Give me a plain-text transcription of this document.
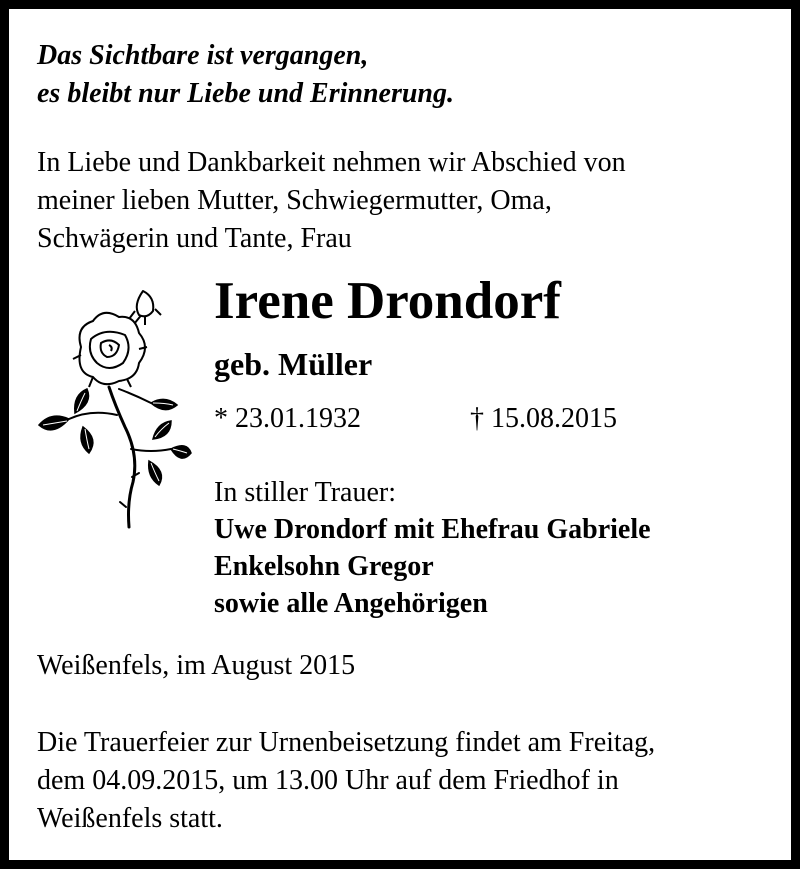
Das Sichtbare ist vergangen,
es bleibt nur Liebe und Erinnerung.
In Liebe und Dankbarkeit nehmen wir Abschied von
meiner lieben Mutter, Schwiegermutter, Oma,
Schwägerin und Tante, Frau
Irene Drondorf
geb. Müller
* 23.01.1932	† 15.08.2015
In stiller Trauer:
Uwe Drondorf mit Ehefrau Gabriele
Enkelsohn Gregor
sowie alle Angehörigen
Weißenfels, im August 2015
Die Trauerfeier zur Urnenbeisetzung findet am Freitag,
dem 04.09.2015, um 13.00 Uhr auf dem Friedhof in
Weißenfels statt.
